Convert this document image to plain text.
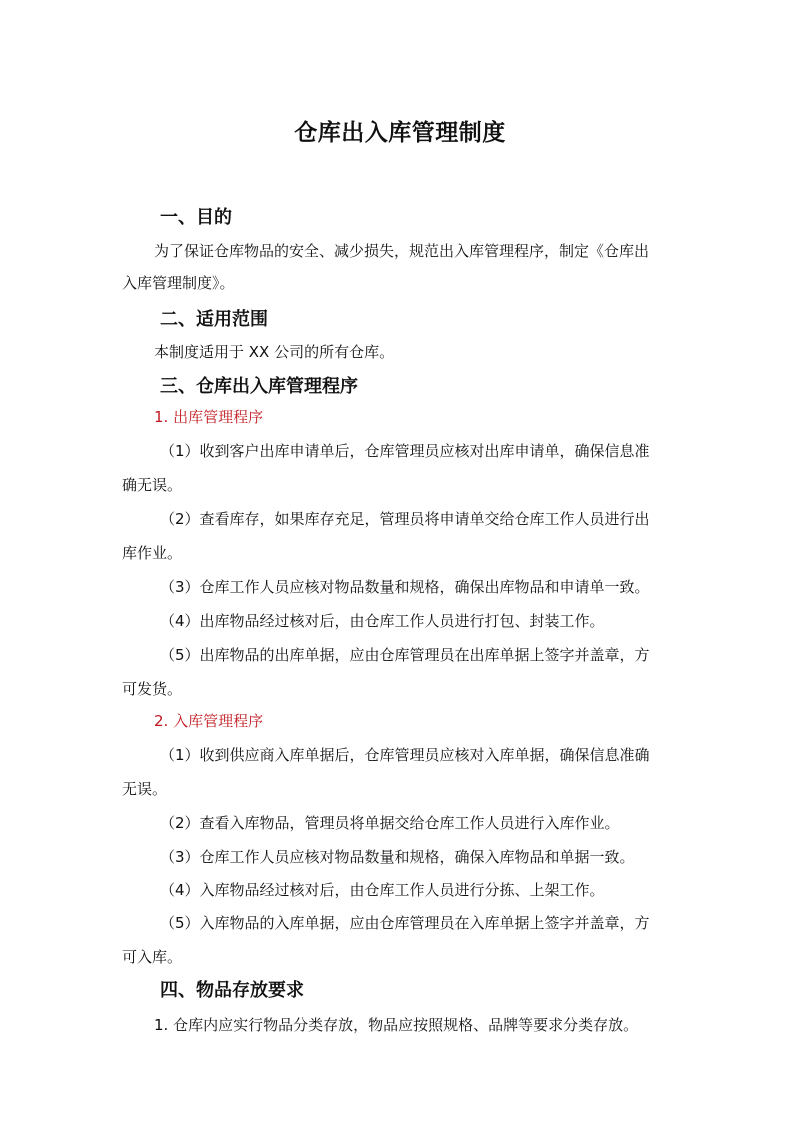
仓库出入库管理制度
一、目的
为了保证仓库物品的安全、减少损失，规范出入库管理程序，制定《仓库出
入库管理制度》。
二、适用范围
本制度适用于 XX 公司的所有仓库。
三、仓库出入库管理程序
1. 出库管理程序
（1）收到客户出库申请单后，仓库管理员应核对出库申请单，确保信息准
确无误。
（2）查看库存，如果库存充足，管理员将申请单交给仓库工作人员进行出
库作业。
（3）仓库工作人员应核对物品数量和规格，确保出库物品和申请单一致。
（4）出库物品经过核对后，由仓库工作人员进行打包、封装工作。
（5）出库物品的出库单据，应由仓库管理员在出库单据上签字并盖章，方
可发货。
2. 入库管理程序
（1）收到供应商入库单据后，仓库管理员应核对入库单据，确保信息准确
无误。
（2）查看入库物品，管理员将单据交给仓库工作人员进行入库作业。
（3）仓库工作人员应核对物品数量和规格，确保入库物品和单据一致。
（4）入库物品经过核对后，由仓库工作人员进行分拣、上架工作。
（5）入库物品的入库单据，应由仓库管理员在入库单据上签字并盖章，方
可入库。
四、物品存放要求
1. 仓库内应实行物品分类存放，物品应按照规格、品牌等要求分类存放。
